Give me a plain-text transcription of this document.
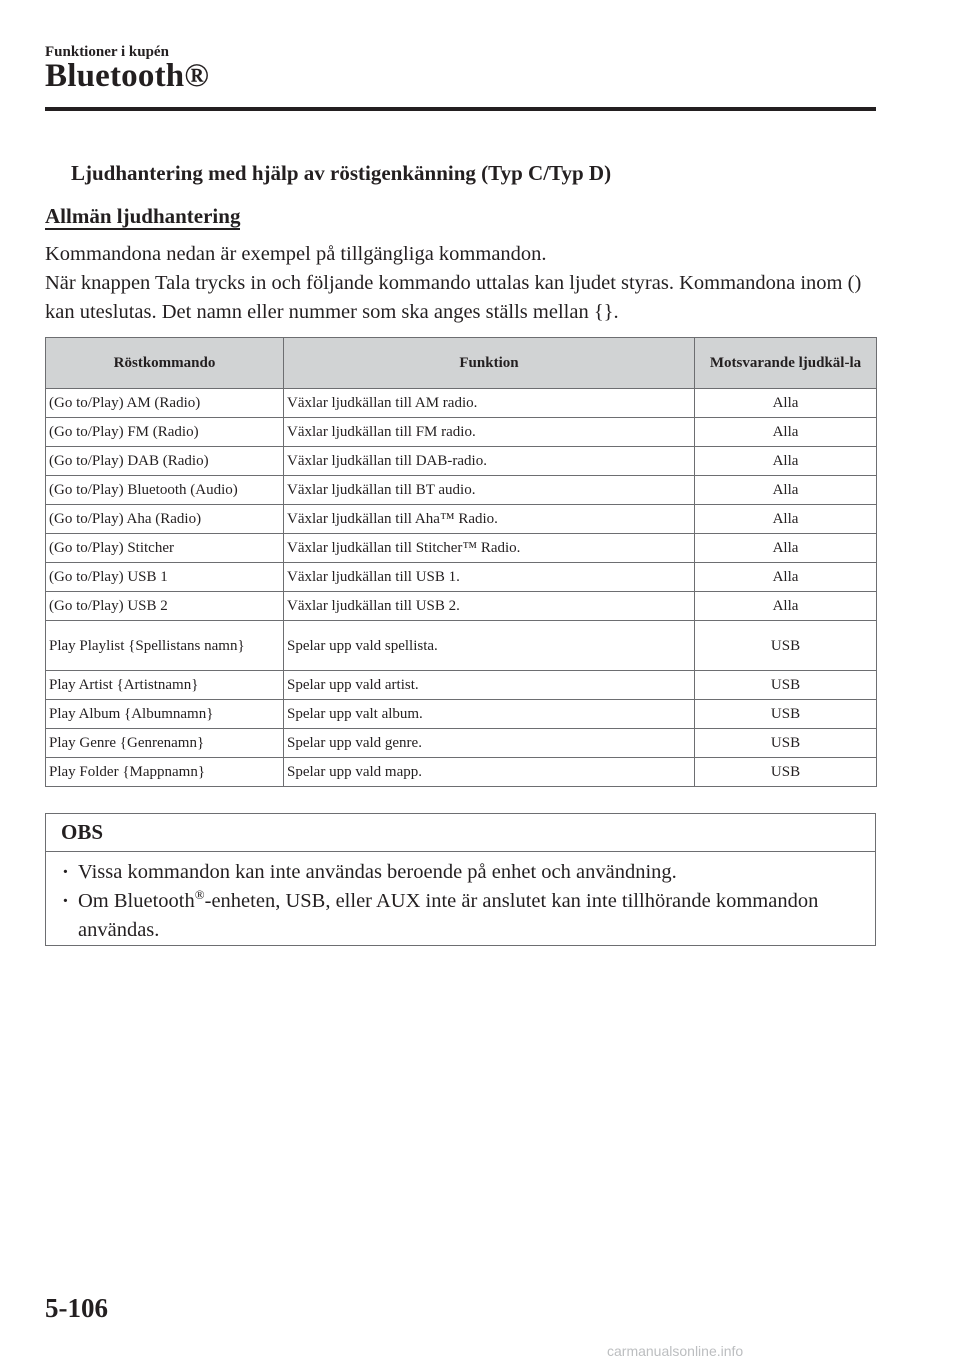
Funktioner i kupén
Bluetooth®
Ljudhantering med hjälp av röstigenkänning (Typ C/Typ D)
Allmän ljudhantering

Kommandona nedan är exempel på tillgängliga kommandon.

När knappen Tala trycks in och följande kommando uttalas kan ljudet styras. Kommandona inom () kan uteslutas. Det namn eller nummer som ska anges ställs mellan {}.

Röstkommando	Funktion	Motsvarande ljudkäl-la
(Go to/Play) AM (Radio)	Växlar ljudkällan till AM radio.	Alla
(Go to/Play) FM (Radio)	Växlar ljudkällan till FM radio.	Alla
(Go to/Play) DAB (Radio)	Växlar ljudkällan till DAB-radio.	Alla
(Go to/Play) Bluetooth (Audio)	Växlar ljudkällan till BT audio.	Alla
(Go to/Play) Aha (Radio)	Växlar ljudkällan till Aha™ Radio.	Alla
(Go to/Play) Stitcher	Växlar ljudkällan till Stitcher™ Radio.	Alla
(Go to/Play) USB 1	Växlar ljudkällan till USB 1.	Alla
(Go to/Play) USB 2	Växlar ljudkällan till USB 2.	Alla
Play Playlist {Spellistans namn}	Spelar upp vald spellista.	USB
Play Artist {Artistnamn}	Spelar upp vald artist.	USB
Play Album {Albumnamn}	Spelar upp valt album.	USB
Play Genre {Genrenamn}	Spelar upp vald genre.	USB
Play Folder {Mappnamn}	Spelar upp vald mapp.	USB
OBS
· Vissa kommandon kan inte användas beroende på enhet och användning.
· Om Bluetooth®-enheten, USB, eller AUX inte är anslutet kan inte tillhörande kommandon användas.
5-106
carmanualsonline.info
